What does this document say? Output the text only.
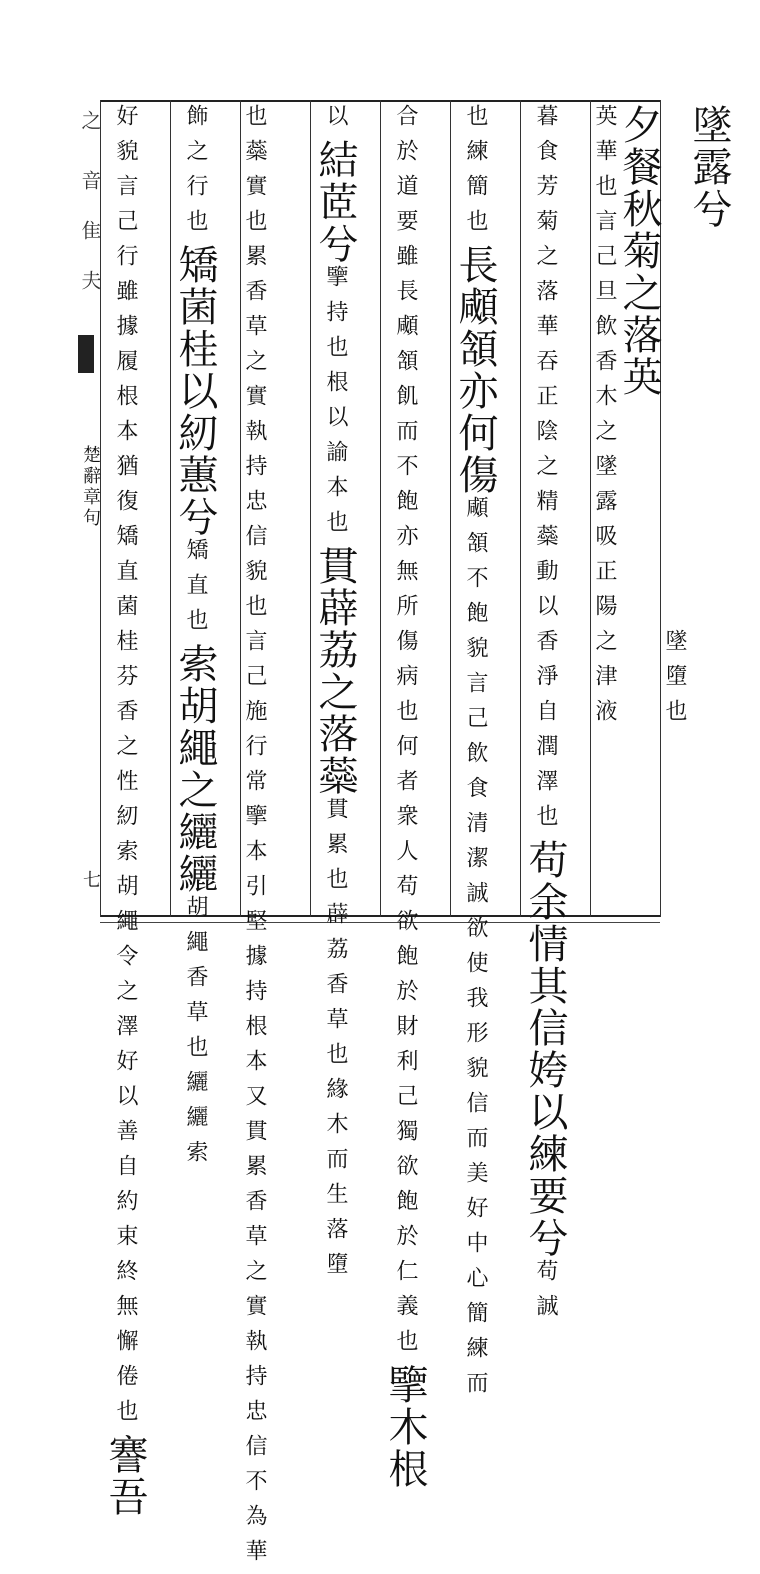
之
音
隹
夫
楚辭章句
七
墜露兮
也
墜墮
夕餐秋菊之落英
之墜露吸正陽之津液
英華也言己旦飲香木
暮食芳菊之落華吞正陰之精蘂動以香淨自潤澤也苟余情其信姱以練要兮苟誠
也練簡也長顑頷亦何傷顑頷不飽貌言己飲食清潔誠欲使我形貌信而美好中心簡練而
合於道要雖長顑頷飢而不飽亦無所傷病也何者衆人苟欲飽於財利己獨欲飽於仁義也擥木根
以結茝兮擥持也根以諭本也貫薜荔之落蘂貫累也薜荔香草也緣木而生落墮
也蘂實也累香草之實執持忠信貌也言己施行常擥本引堅據持根本又貫累香草之實執持忠信不為華
飾之行也矯菌桂以紉蕙兮矯直也索胡繩之纚纚胡繩香草也纚纚索
好貌言己行雖據履根本猶復矯直菌桂芬香之性紉索胡繩令之澤好以善自約束終無懈倦也謇吾
